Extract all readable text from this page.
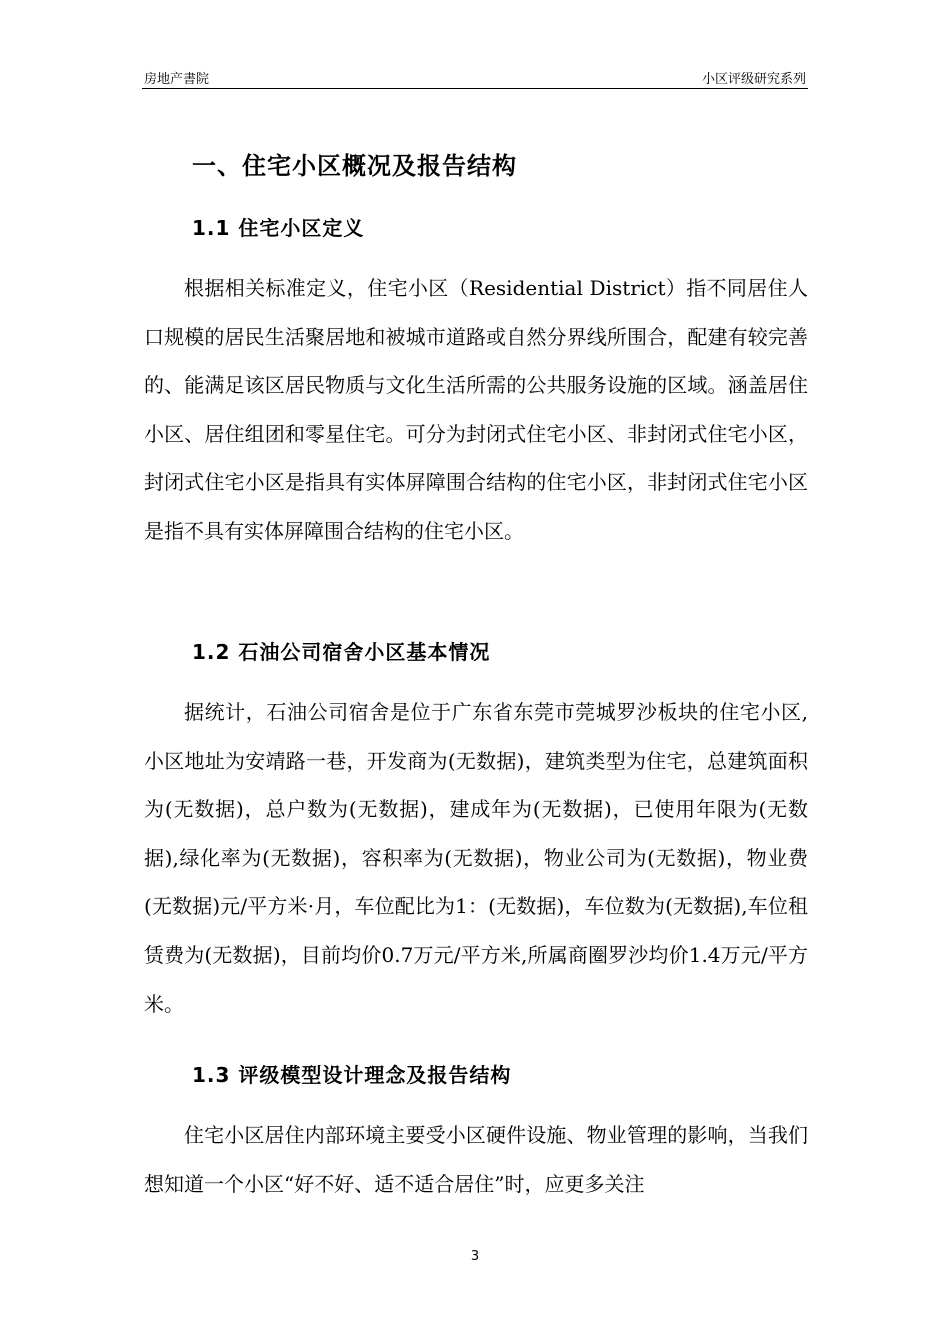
房地产書院	小区评级研究系列
一、住宅小区概况及报告结构
1.1 住宅小区定义
根据相关标准定义，住宅小区（Residential District）指不同居住人口规模的居民生活聚居地和被城市道路或自然分界线所围合，配建有较完善的、能满足该区居民物质与文化生活所需的公共服务设施的区域。涵盖居住小区、居住组团和零星住宅。可分为封闭式住宅小区、非封闭式住宅小区，封闭式住宅小区是指具有实体屏障围合结构的住宅小区，非封闭式住宅小区是指不具有实体屏障围合结构的住宅小区。
1.2 石油公司宿舍小区基本情况
据统计，石油公司宿舍是位于广东省东莞市莞城罗沙板块的住宅小区,小区地址为安靖路一巷，开发商为(无数据)，建筑类型为住宅，总建筑面积为(无数据)，总户数为(无数据)，建成年为(无数据)，已使用年限为(无数据),绿化率为(无数据)，容积率为(无数据)，物业公司为(无数据)，物业费(无数据)元/平方米·月，车位配比为1：(无数据)，车位数为(无数据),车位租赁费为(无数据)，目前均价0.7万元/平方米,所属商圈罗沙均价1.4万元/平方米。
1.3 评级模型设计理念及报告结构
住宅小区居住内部环境主要受小区硬件设施、物业管理的影响，当我们想知道一个小区“好不好、适不适合居住”时，应更多关注
3
